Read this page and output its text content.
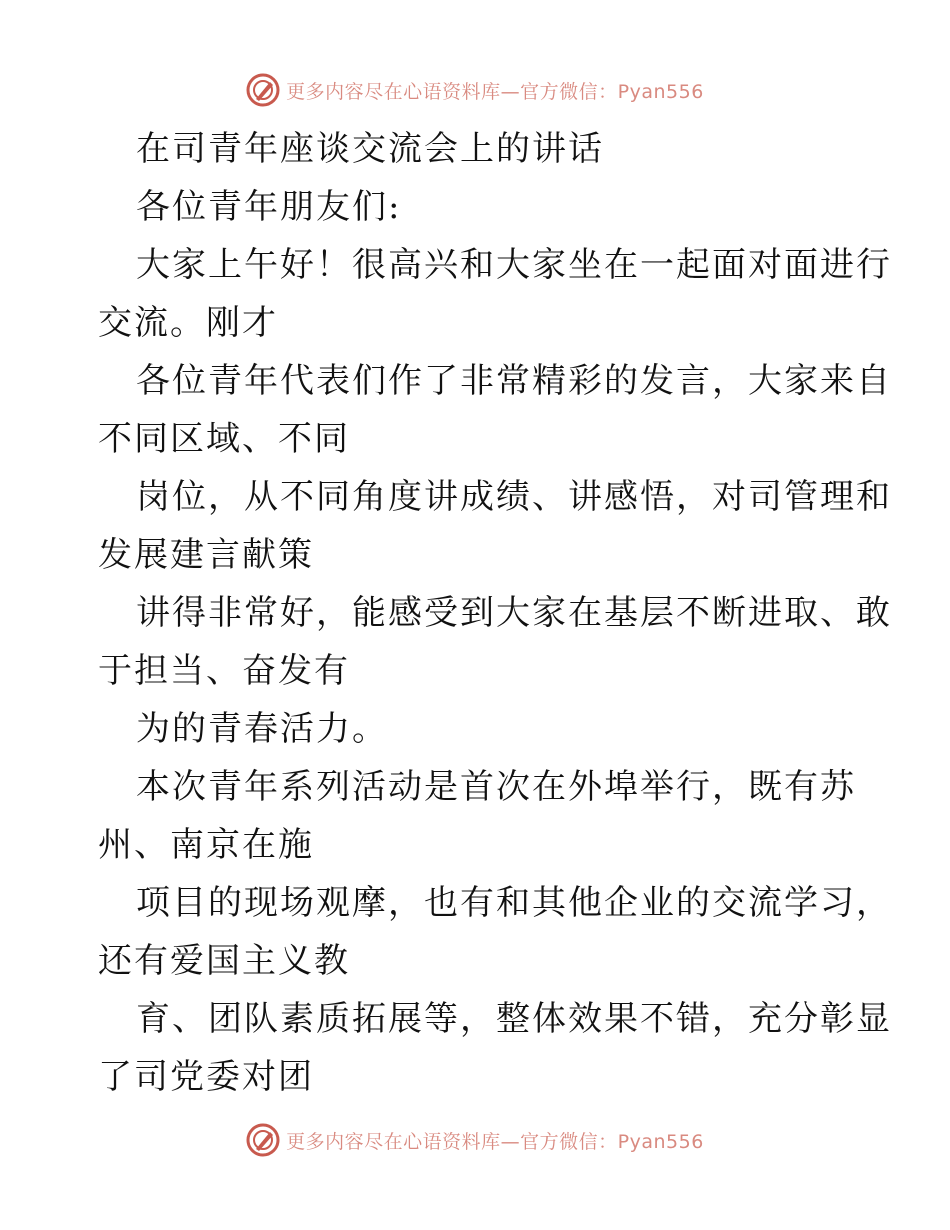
更多内容尽在心语资料库—官方微信：Pyan556
在司青年座谈交流会上的讲话
各位青年朋友们:
大家上午好！很高兴和大家坐在一起面对面进行
交流。刚才
各位青年代表们作了非常精彩的发言，大家来自
不同区域、不同
岗位，从不同角度讲成绩、讲感悟，对司管理和
发展建言献策
讲得非常好，能感受到大家在基层不断进取、敢
于担当、奋发有
为的青春活力。
本次青年系列活动是首次在外埠举行，既有苏
州、南京在施
项目的现场观摩，也有和其他企业的交流学习，
还有爱国主义教
育、团队素质拓展等，整体效果不错，充分彰显
了司党委对团
更多内容尽在心语资料库—官方微信：Pyan556
